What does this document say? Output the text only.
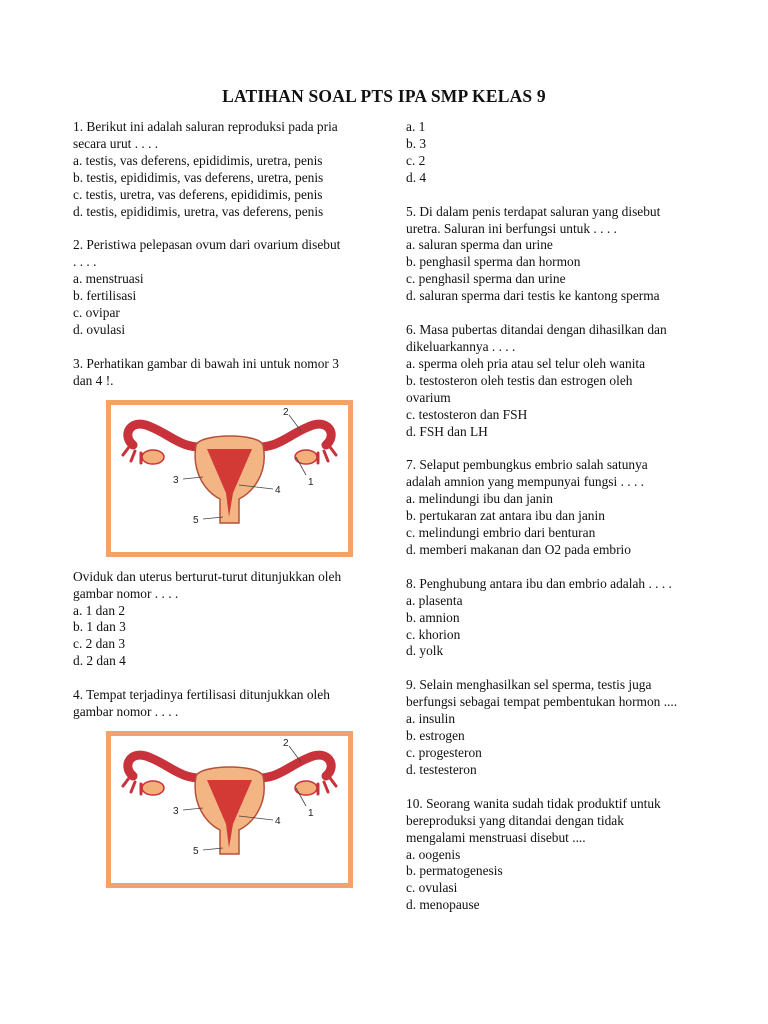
LATIHAN SOAL PTS IPA SMP KELAS 9
1. Berikut ini adalah saluran reproduksi pada pria
secara urut . . . .
a. testis, vas deferens, epididimis, uretra, penis
b. testis, epididimis, vas deferens, uretra, penis
c. testis, uretra, vas deferens, epididimis, penis
d. testis, epididimis, uretra, vas deferens, penis
2. Peristiwa pelepasan ovum dari ovarium disebut
. . . .
a. menstruasi
b. fertilisasi
c. ovipar
d. ovulasi
3. Perhatikan gambar di bawah ini untuk nomor 3
dan 4 !.
2
1
3
4
5
Oviduk dan uterus berturut-turut ditunjukkan oleh
gambar nomor . . . .
a. 1 dan 2
b. 1 dan 3
c. 2 dan 3
d. 2 dan 4
4. Tempat terjadinya fertilisasi ditunjukkan oleh
gambar nomor . . . .
2
1
3
4
5
a. 1
b. 3
c. 2
d. 4
5. Di dalam penis terdapat saluran yang disebut
uretra. Saluran ini berfungsi untuk . . . .
a. saluran sperma dan urine
b. penghasil sperma dan hormon
c. penghasil sperma dan urine
d. saluran sperma dari testis ke kantong sperma
6. Masa pubertas ditandai dengan dihasilkan dan
dikeluarkannya . . . .
a. sperma oleh pria atau sel telur oleh wanita
b. testosteron oleh testis dan estrogen oleh
ovarium
c. testosteron dan FSH
d. FSH dan LH
7. Selaput pembungkus embrio salah satunya
adalah amnion yang mempunyai fungsi . . . .
a. melindungi ibu dan janin
b. pertukaran zat antara ibu dan janin
c. melindungi embrio dari benturan
d. memberi makanan dan O2 pada embrio
8. Penghubung antara ibu dan embrio adalah . . . .
a. plasenta
b. amnion
c. khorion
d. yolk
9. Selain menghasilkan sel sperma, testis juga
berfungsi sebagai tempat pembentukan hormon ....
a. insulin
b. estrogen
c. progesteron
d. testesteron
10. Seorang wanita sudah tidak produktif untuk
bereproduksi yang ditandai dengan tidak
mengalami menstruasi disebut ....
a. oogenis
b. permatogenesis
c. ovulasi
d. menopause
